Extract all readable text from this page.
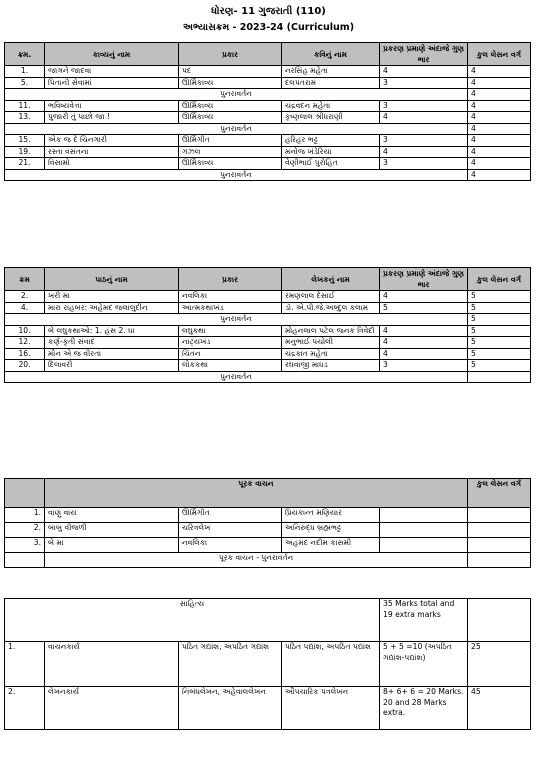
ધોરણ- 11 ગુજરાતી (110)
અભ્યાસક્રમ - 2023-24 (Curriculum)
ક્રમ.	કાવ્યનું નામ	પ્રકાર	કવિનું નામ	પ્રકરણ પ્રમાણે અંદાજે ગુણ ભાર	કુલ લેસન વર્ગ
1.	જાગને જાદવા	પદ	નરસિંહ મહેતા	4	4
5.	પિતાની સેવામાં	ઊર્મિકાવ્ય	દલપતરામ	3	4
પુનરાવર્તન					4
11.	ભવિષ્યવેત્તા	ઊર્મિકાવ્ય	ચંદ્રવદન મહેતા	3	4
13.	પુજારી તું પાછો જા !	ઊર્મિકાવ્ય	કૃષ્ણલાલ શ્રીધરાણી	4	4
પુનરાવર્તન					4
15.	એક જ દે ચિનગારી	ઊર્મિગીત	હરિહર ભટ્ટ	3	4
19.	રસ્તા વસંતના	ગઝલ	મનોજ ખંડેરિયા	4	4
21.	વિસામો	ઊર્મિકાવ્ય	વેણીભાઈ પુરોહિત	3	4
પુનરાવર્તન					4
ક્રમ	પાઠનું નામ	પ્રકાર	લેખકનું નામ	પ્રકરણ પ્રમાણે અંદાજે ગુણ ભાર	કુલ લેસન વર્ગ
2.	ખરી મા	નવલિકા	રમણલાલ દેસાઈ	4	5
4.	મારા રાહબર: અહેમદ જલાલુદીન	આત્મકથાખંડ	ડૉ. એ.પી.જે.અબ્દુલ કલામ	5	5
પુનરાવર્તન					5
10.	બે લઘુકથાઓ: 1. હંસ 2. ધા	લઘુકથા	મોહનલાલ પટેલ જનક ત્રિવેદી	4	5
12.	કર્ણ-કૃતી સંવાદ	નાટ્યખંડ	મનુભાઈ પંચોલી	4	5
16.	મૌન એ જ વીરતા	ચિંતન	ચંદ્રકાંત મહેતા	4	5
20.	દિલાવરી	લોકકથા	રઘવાજી માધડ	3	5
પુનરાવર્તન					
	પૂરક વાચન				કુલ લેસન વર્ગ
1.	વાણું વાય	ઊર્મિગીત	પ્રિયકાન્ત મણિયાર		
2.	બાબુ વીજળી	ચરિત્રલેખ	અનિરુદ્ધ બ્રહ્મભટ્ટ		
3.	બે મા	નવલિકા	અહમદ નદીમ કાસમી		
	પૂરક વાચન - પુનરાવર્તન				
સાહિત્ય				35 Marks total and 19 extra marks	
1.	વાચનકાર્ય	પઠિત ગદ્યાંશ, અપઠિત ગદ્યાંશ	પઠિત પદ્યાંશ, અપઠિત પદ્યાંશ	5 + 5 =10 (અપઠિત ગદ્યાંશ-પદ્યાંશ)	25
2.	લેખનકાર્ય	નિબંધલેખન, અહેવાલલેખન	ઔપચારિક પત્રલેખન	8+ 6+ 6 = 20 Marks. 20 and 28 Marks extra.	45
